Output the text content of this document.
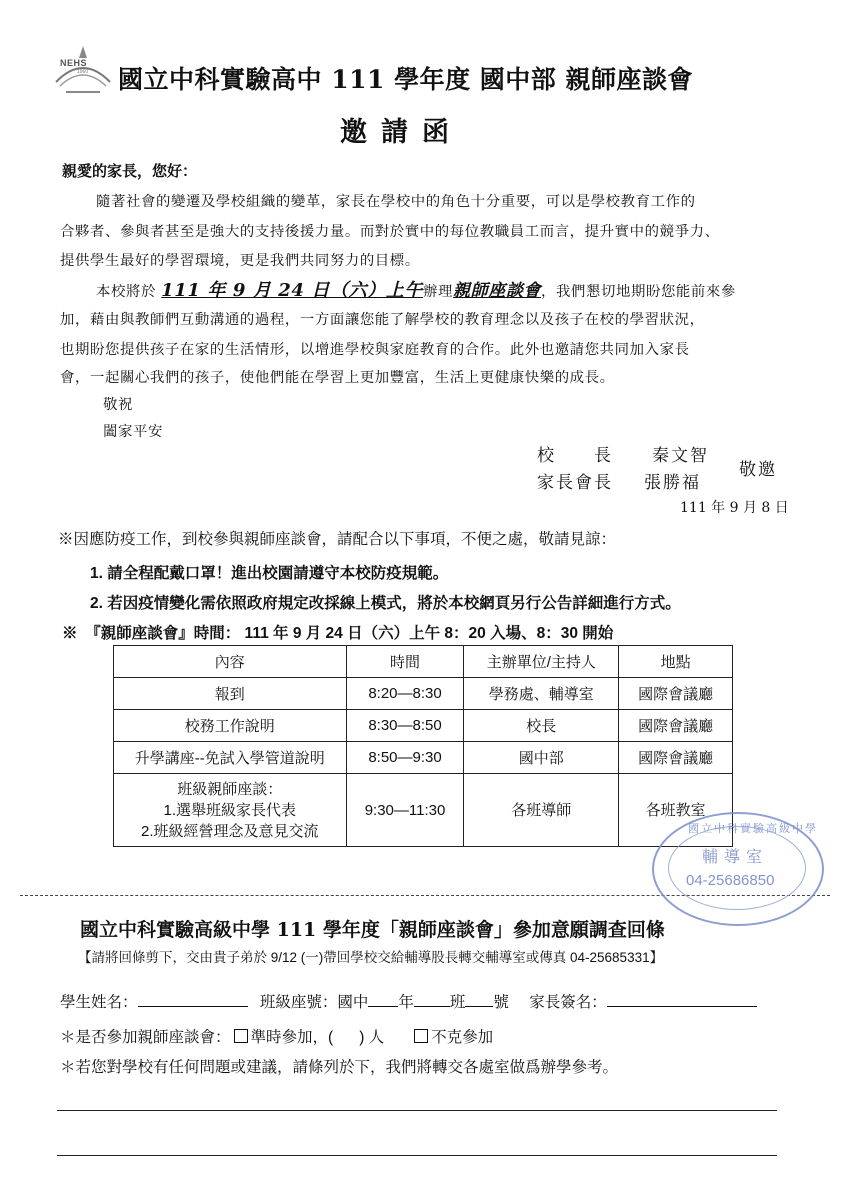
NEHS
1960 國立中科實驗高中 111 學年度 國中部 親師座談會
邀請函
親愛的家長，您好：
隨著社會的變遷及學校組織的變革，家長在學校中的角色十分重要，可以是學校教育工作的
合夥者、參與者甚至是強大的支持後援力量。而對於實中的每位教職員工而言，提升實中的競爭力、
提供學生最好的學習環境，更是我們共同努力的目標。
本校將於 111 年 9 月 24 日（六）上午辦理親師座談會，我們懇切地期盼您能前來參
加，藉由與教師們互動溝通的過程，一方面讓您能了解學校的教育理念以及孩子在校的學習狀況，
也期盼您提供孩子在家的生活情形，以增進學校與家庭教育的合作。此外也邀請您共同加入家長
會，一起關心我們的孩子，使他們能在學習上更加豐富，生活上更健康快樂的成長。
敬祝
闔家平安
校　　長 秦文智
家長會長 張勝福
敬邀
111 年 9 月 8 日
※因應防疫工作，到校參與親師座談會，請配合以下事項，不便之處，敬請見諒：
1. 請全程配戴口罩！進出校園請遵守本校防疫規範。
2. 若因疫情變化需依照政府規定改採線上模式，將於本校網頁另行公告詳細進行方式。
※　『親師座談會』時間： 111 年 9 月 24 日（六）上午 8：20 入場、8：30 開始
內容	時間	主辦單位/主持人	地點
報到	8:20—8:30	學務處、輔導室	國際會議廳
校務工作說明	8:30—8:50	校長	國際會議廳
升學講座--免試入學管道說明	8:50—9:30	國中部	國際會議廳

班級親師座談：
1.選舉班級家長代表
2.班級經營理念及意見交流	9:30—11:30	各班導師	各班教室
國立中科實驗高級中學
輔導室
04-25686850
國立中科實驗高級中學 111 學年度「親師座談會」參加意願調查回條
【請將回條剪下，交由貴子弟於 9/12 (一)帶回學校交給輔導股長轉交輔導室或傳真 04-25685331】
學生姓名：	班級座號：國中 年 班 號 家長簽名：
＊是否參加親師座談會： 準時參加，( ) 人	不克參加
＊若您對學校有任何問題或建議，請條列於下，我們將轉交各處室做爲辦學參考。
